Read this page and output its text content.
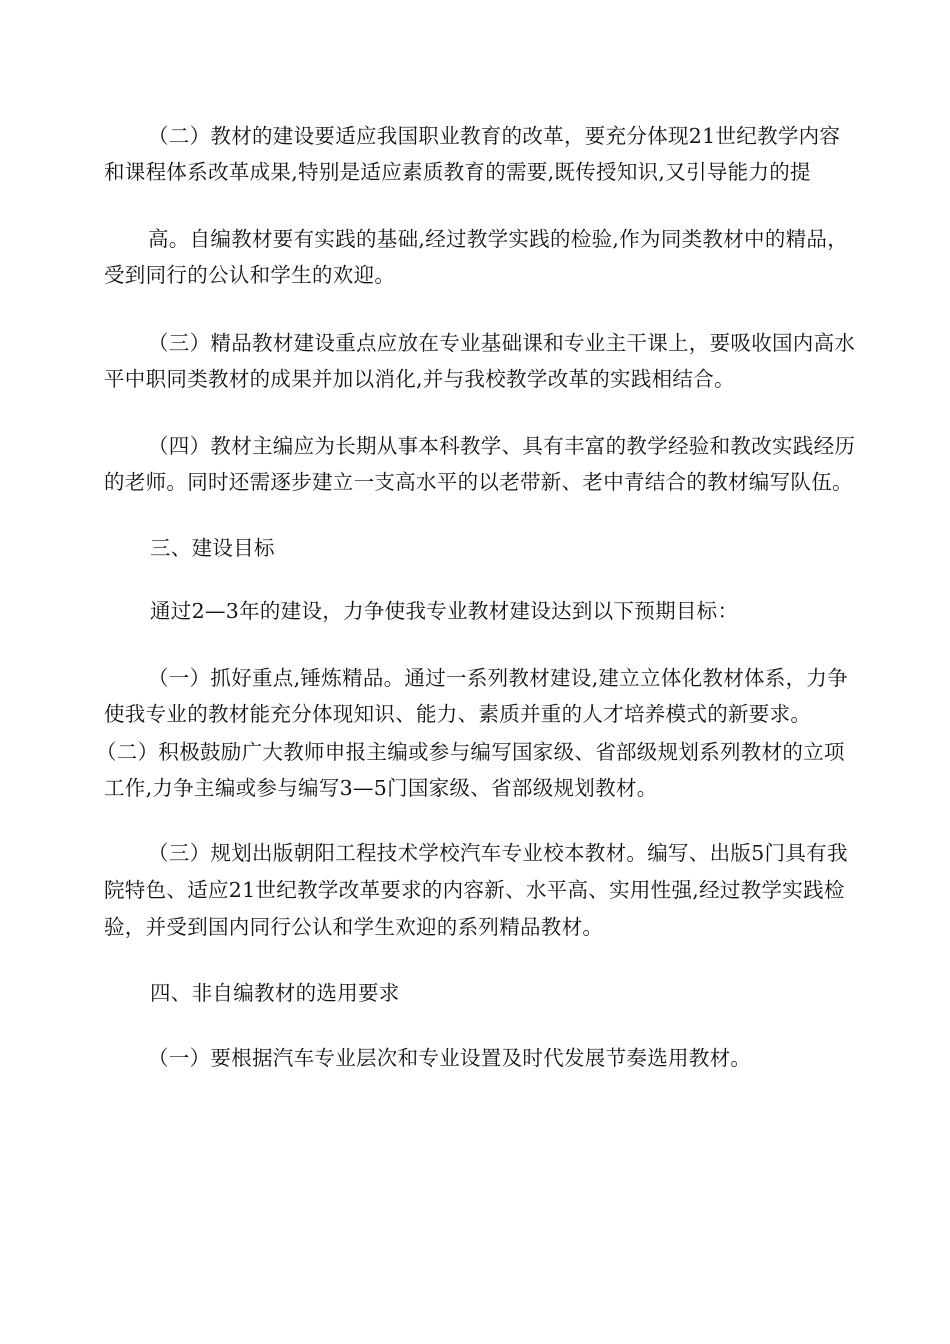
（二）教材的建设要适应我国职业教育的改革，要充分体现21世纪教学内容

和课程体系改革成果,特别是适应素质教育的需要,既传授知识,又引导能力的提

高。自编教材要有实践的基础,经过教学实践的检验,作为同类教材中的精品，

受到同行的公认和学生的欢迎。

（三）精品教材建设重点应放在专业基础课和专业主干课上，要吸收国内高水

平中职同类教材的成果并加以消化,并与我校教学改革的实践相结合。

（四）教材主编应为长期从事本科教学、具有丰富的教学经验和教改实践经历

的老师。同时还需逐步建立一支高水平的以老带新、老中青结合的教材编写队伍。

三、建设目标

通过2—3年的建设，力争使我专业教材建设达到以下预期目标：

（一）抓好重点,锤炼精品。通过一系列教材建设,建立立体化教材体系，力争

使我专业的教材能充分体现知识、能力、素质并重的人才培养模式的新要求。

（二）积极鼓励广大教师申报主编或参与编写国家级、省部级规划系列教材的立项

工作,力争主编或参与编写3—5门国家级、省部级规划教材。

（三）规划出版朝阳工程技术学校汽车专业校本教材。编写、出版5门具有我

院特色、适应21世纪教学改革要求的内容新、水平高、实用性强,经过教学实践检

验，并受到国内同行公认和学生欢迎的系列精品教材。

四、非自编教材的选用要求

（一）要根据汽车专业层次和专业设置及时代发展节奏选用教材。
